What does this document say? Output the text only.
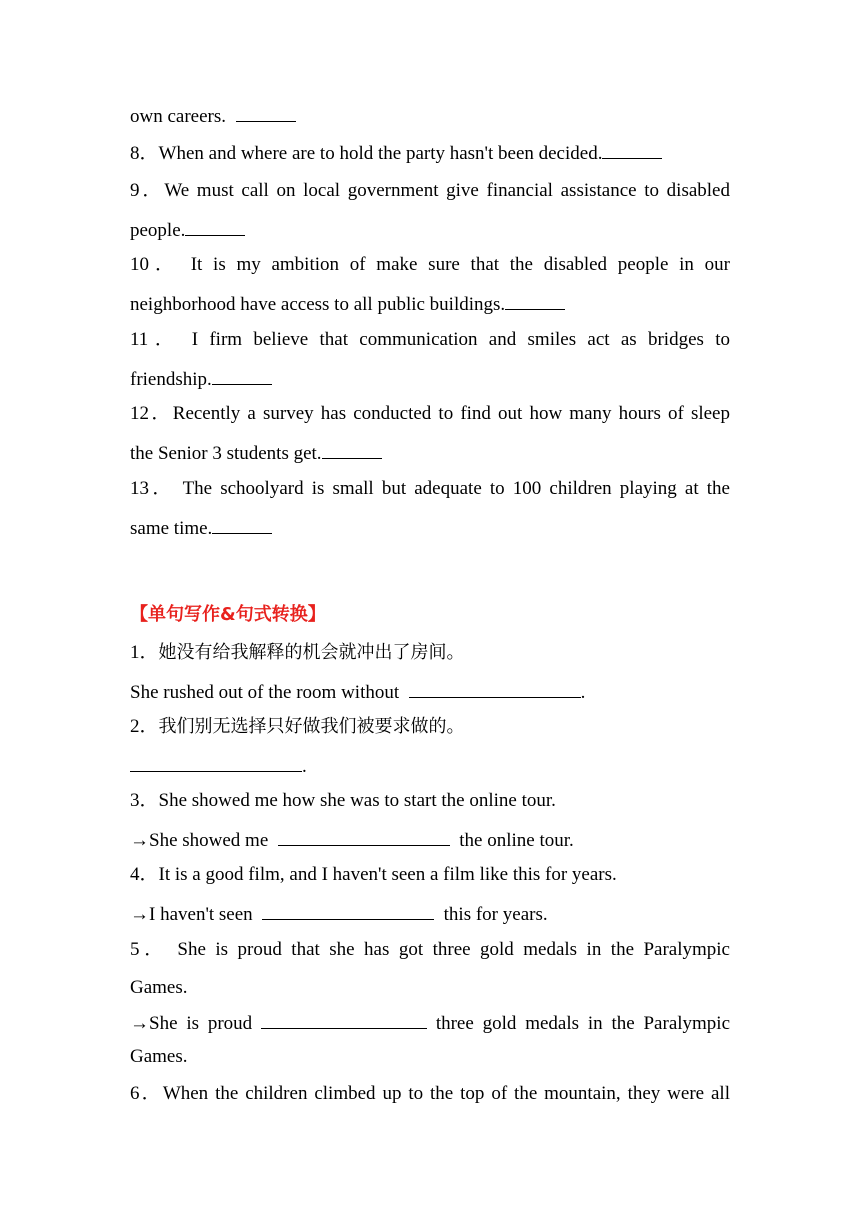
own careers.
8．When and where are to hold the party hasn't been decided.
9．We must call on local government give financial assistance to disabled
people.
10． It is my ambition of make sure that the disabled people in our
neighborhood have access to all public buildings.
11． I firm believe that communication and smiles act as bridges to
friendship.
12．Recently a survey has conducted to find out how many hours of sleep
the Senior 3 students get.
13． The schoolyard is small but adequate to 100 children playing at the
same time.
【单句写作&句式转换】
1．她没有给我解释的机会就冲出了房间。
She rushed out of the room without	.
2．我们别无选择只好做我们被要求做的。
.
3．She showed me how she was to start the online tour.
→She showed me	the online tour.
4．It is a good film, and I haven't seen a film like this for years.
→I haven't seen	this for years.
5． She is proud that she has got three gold medals in the Paralympic
Games.
→She is proud	three gold medals in the Paralympic
Games.
6．When the children climbed up to the top of the mountain, they were all
